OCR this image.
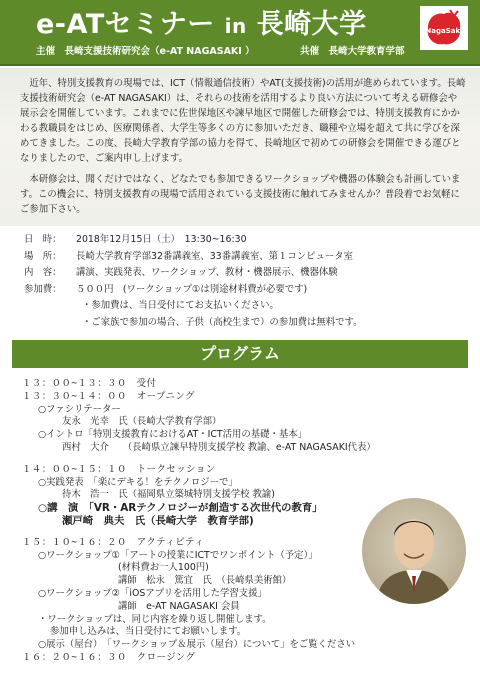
e-ATセミナー in 長崎大学
主催　長崎支援技術研究会（e-AT NAGASAKI ）	共催　長崎大学教育学部
NagaSaki

近年、特別支援教育の現場では、ICT（情報通信技術）やAT(支援技術)の活用が進められています。長崎支援技術研究会（e-AT NAGASAKI）は、それらの技術を活用するより良い方法について考える研修会や展示会を開催しています。これまでに佐世保地区や諫早地区で開催した研修会では、特別支援教育にかかわる教職員をはじめ、医療関係者、大学生等多くの方に参加いただき、職種や立場を超えて共に学びを深めてきました。この度、長崎大学教育学部の協力を得て、長崎地区で初めての研修会を開催できる運びとなりましたので、ご案内申し上げます。

本研修会は、聞くだけではなく、どなたでも参加できるワークショップや機器の体験会も計画しています。この機会に、特別支援教育の現場で活用されている支援技術に触れてみませんか？普段着でお気軽にご参加下さい。

日　時：	2018年12月15日（土）　13:30~16:30
場　所：	長崎大学教育学部32番講義室、33番講義室、第１コンピュータ室
内　容：	講演、実践発表、ワークショップ、教材・機器展示、機器体験
参加費：	５００円　(ワークショップ①は別途材料費が必要です)
・参加費は、当日受付にてお支払いください。
・ご家族で参加の場合、子供（高校生まで）の参加費は無料です。
プログラム
１３：００~１３：３０　受付
１３：３０~１４：００　オープニング
○ファシリテーター
友永　光幸　氏（長崎大学教育学部）
○イントロ「特別支援教育におけるAT・ICT活用の基礎・基本」
西村　大介　　（長崎県立諫早特別支援学校 教諭、e-AT NAGASAKI代表）
１４：００~１５：１０　トークセッション
○実践発表　「楽にデキる！をテクノロジーで」
待木　浩一　氏（福岡県立築城特別支援学校 教諭)
○講　演　「VR・ARテクノロジーが創造する次世代の教育」
瀬戸崎　典夫　氏（長崎大学　教育学部)
１５：１０~１６：２０　アクティビティ
○ワークショップ①「アートの授業にICTでワンポイント（予定）」
(材料費お一人100円)
講師　松永　篤宜　氏　（長崎県美術館）
○ワークショップ②「iOSアプリを活用した学習支援」
講師　e-AT NAGASAKI 会員
・ワークショップは、同じ内容を繰り返し開催します。
参加申し込みは、当日受付にてお願いします。
○展示（屋台）　「ワークショップ＆展示（屋台）について」をご覧ください
１６：２０~１６：３０　クロージング
